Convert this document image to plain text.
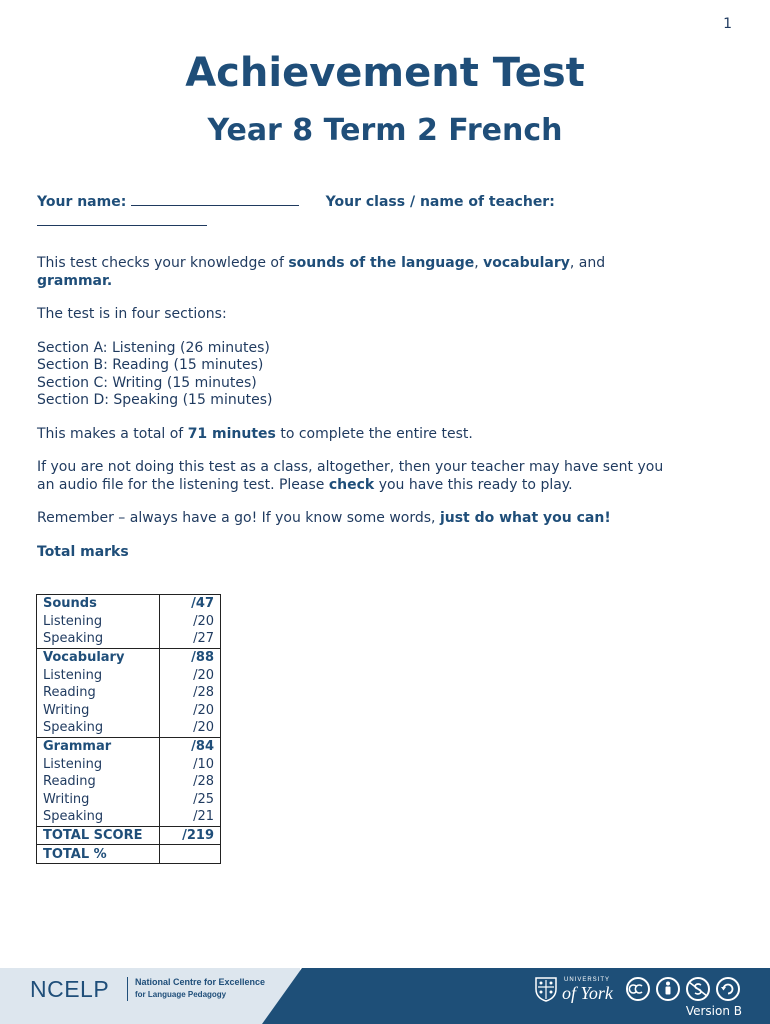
1
Achievement Test
Year 8 Term 2 French

Your name:	Your class / name of teacher:

This test checks your knowledge of sounds of the language, vocabulary, and
grammar.

The test is in four sections:

Section A: Listening (26 minutes)
Section B: Reading (15 minutes)
Section C: Writing (15 minutes)
Section D: Speaking (15 minutes)

This makes a total of 71 minutes to complete the entire test.

If you are not doing this test as a class, altogether, then your teacher may have sent you
an audio file for the listening test. Please check you have this ready to play.

Remember – always have a go! If you know some words, just do what you can!

Total marks

Sounds	/47
Listening	/20
Speaking	/27
Vocabulary	/88
Listening	/20
Reading	/28
Writing	/20
Speaking	/20
Grammar	/84
Listening	/10
Reading	/28
Writing	/25
Speaking	/21
TOTAL SCORE	/219
TOTAL %	
NCELP	National Centre for Excellence
for Language Pedagogy
UNIVERSITY
of York
Version B
